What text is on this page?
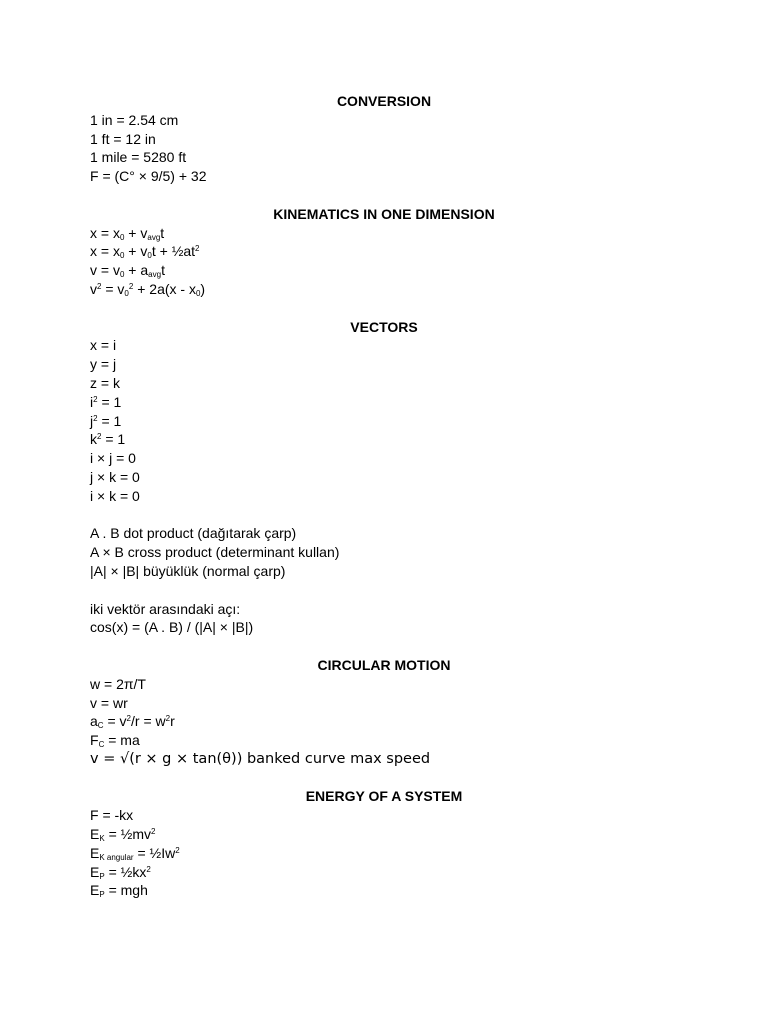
CONVERSION
1 in = 2.54 cm
1 ft = 12 in
1 mile = 5280 ft
F = (C° × 9/5) + 32
KINEMATICS IN ONE DIMENSION
$x = x_0 + v_{avg}t$
$x = x_0 + v_0t$ + $\frac{1}{2}at^2$
$v = v_0 + a_{avg}t$
$v^2 = v_0^2 + 2a(x - x_0)$
VECTORS
x = i
y = j
z = k
$i^2 = 1$
$j^2 = 1$
$k^2 = 1$
i × j = 0
j × k = 0
i × k = 0
A . B dot product (dağıtarak çarp)
A × B cross product (determinant kullan)
|A| × |B| büyüklük (normal çarp)
iki vektör arasındaki açı:
cos(x) = (A . B) / (|A| × |B|)
CIRCULAR MOTION
w = 2π/T
v = wr
$a_C = v^2/r = w^2r$
$F_C$ = ma
v = √(r × g × tan(θ)) banked curve max speed
ENERGY OF A SYSTEM
F = -kx
$E_K$ = $\frac{1}{2}mv^2$
$E_{K angular}$ = $\frac{1}{2}Iw^2$
$E_P$ = $\frac{1}{2}kx^2$
$E_P$ = mgh
